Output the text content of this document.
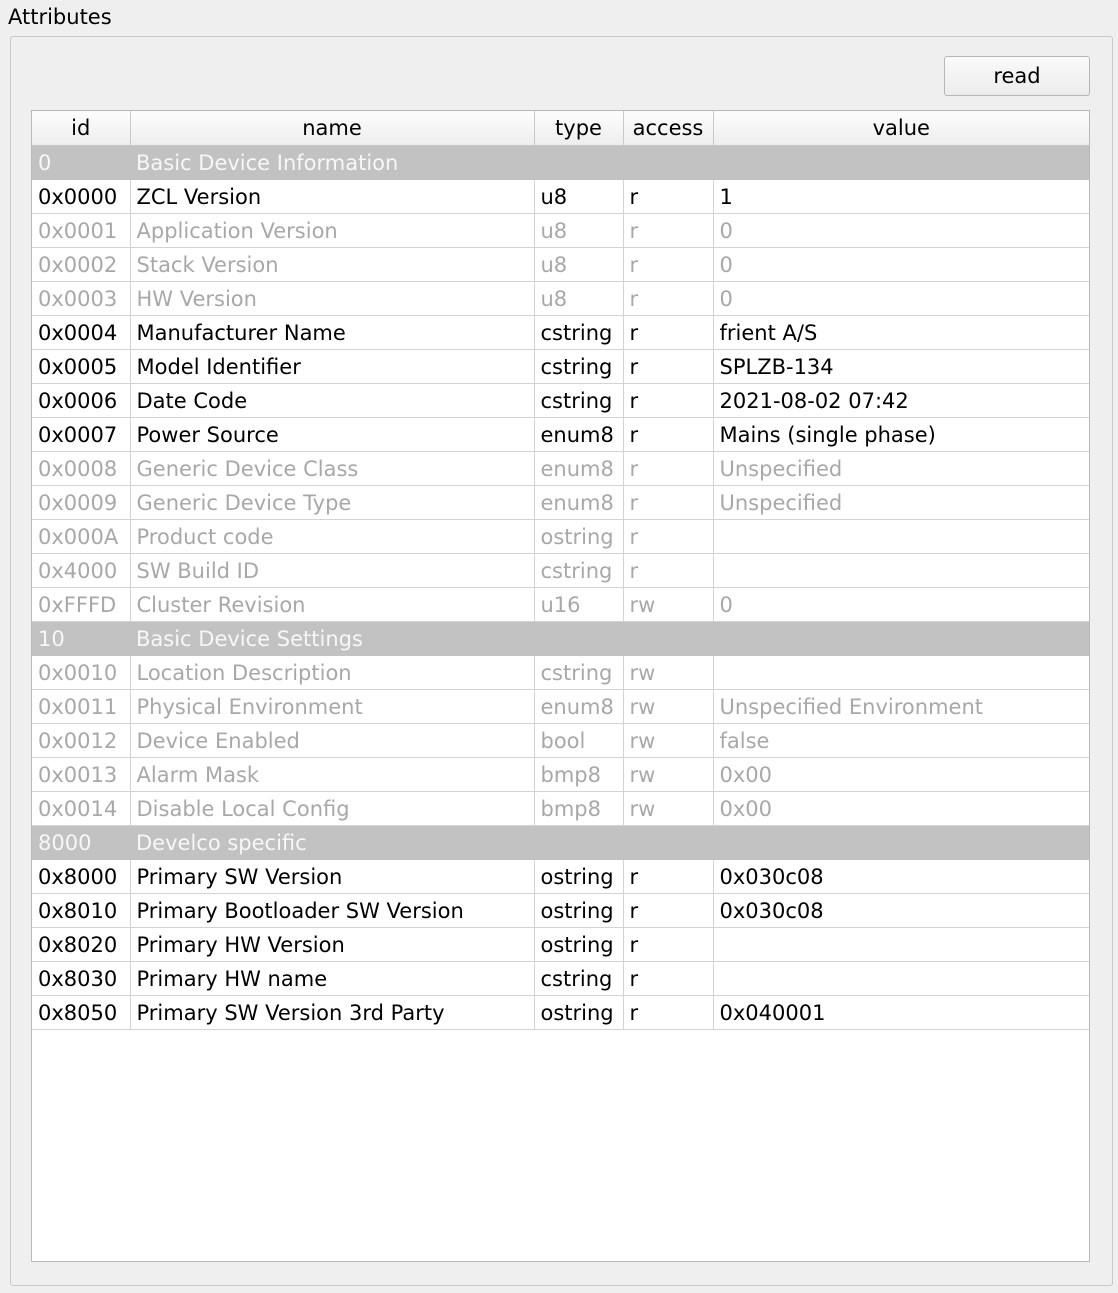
Attributes
read
id	name	type	access	value
0	Basic Device Information			
0x0000	ZCL Version	u8	r	1
0x0001	Application Version	u8	r	0
0x0002	Stack Version	u8	r	0
0x0003	HW Version	u8	r	0
0x0004	Manufacturer Name	cstring	r	frient A/S
0x0005	Model Identifier	cstring	r	SPLZB-134
0x0006	Date Code	cstring	r	2021-08-02 07:42
0x0007	Power Source	enum8	r	Mains (single phase)
0x0008	Generic Device Class	enum8	r	Unspecified
0x0009	Generic Device Type	enum8	r	Unspecified
0x000A	Product code	ostring	r	
0x4000	SW Build ID	cstring	r	
0xFFFD	Cluster Revision	u16	rw	0
10	Basic Device Settings			
0x0010	Location Description	cstring	rw	
0x0011	Physical Environment	enum8	rw	Unspecified Environment
0x0012	Device Enabled	bool	rw	false
0x0013	Alarm Mask	bmp8	rw	0x00
0x0014	Disable Local Config	bmp8	rw	0x00
8000	Develco specific			
0x8000	Primary SW Version	ostring	r	0x030c08
0x8010	Primary Bootloader SW Version	ostring	r	0x030c08
0x8020	Primary HW Version	ostring	r	
0x8030	Primary HW name	cstring	r	
0x8050	Primary SW Version 3rd Party	ostring	r	0x040001
